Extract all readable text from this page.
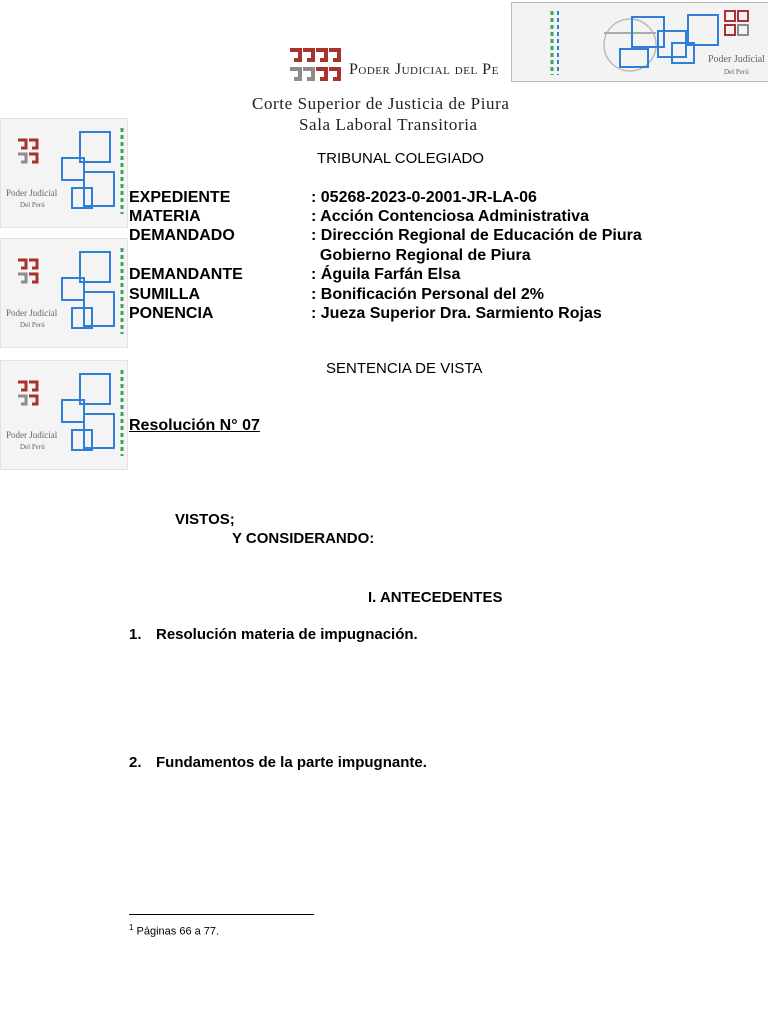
Poder Judicial
Del Perú
Poder Judicial del Pe
Corte Superior de Justicia de Piura
Sala Laboral Transitoria
Poder Judicial
Del Perú
Poder Judicial
Del Perú
Poder Judicial
Del Perú
TRIBUNAL COLEGIADO
EXPEDIENTE	: 05268-2023-0-2001-JR-LA-06
MATERIA	: Acción Contenciosa Administrativa
DEMANDADO	: Dirección Regional de Educación de Piura
Gobierno Regional de Piura
DEMANDANTE	: Águila Farfán Elsa
SUMILLA	: Bonificación Personal del 2%
PONENCIA	: Jueza Superior Dra. Sarmiento Rojas
SENTENCIA DE VISTA
Resolución N° 07
VISTOS;
Y CONSIDERANDO:
I. ANTECEDENTES
1. Resolución materia de impugnación.
2. Fundamentos de la parte impugnante.
$^1$ Páginas 66 a 77.
